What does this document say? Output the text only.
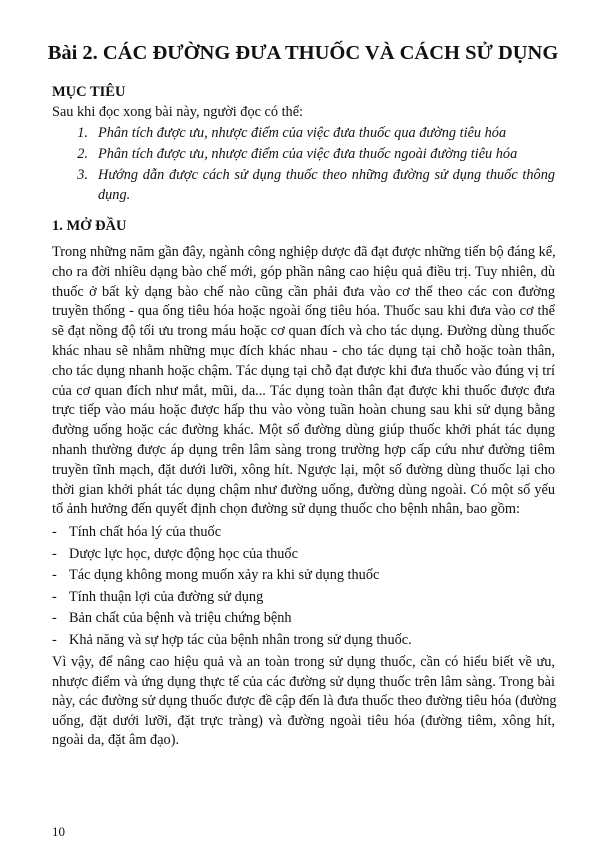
Bài 2. CÁC ĐƯỜNG ĐƯA THUỐC VÀ CÁCH SỬ DỤNG
MỤC TIÊU
Sau khi đọc xong bài này, người đọc có thể:
1. Phân tích được ưu, nhược điểm của việc đưa thuốc qua đường tiêu hóa
2. Phân tích được ưu, nhược điểm của việc đưa thuốc ngoài đường tiêu hóa
3. Hướng dẫn được cách sử dụng thuốc theo những đường sử dụng thuốc thông
dụng.
1. MỞ ĐẦU
Trong những năm gần đây, ngành công nghiệp dược đã đạt được những tiến bộ đáng kể,
cho ra đời nhiều dạng bào chế mới, góp phần nâng cao hiệu quả điều trị. Tuy nhiên, dù
thuốc ở bất kỳ dạng bào chế nào cũng cần phải đưa vào cơ thể theo các con đường
truyền thống - qua ống tiêu hóa hoặc ngoài ống tiêu hóa. Thuốc sau khi đưa vào cơ thể
sẽ đạt nồng độ tối ưu trong máu hoặc cơ quan đích và cho tác dụng. Đường dùng thuốc
khác nhau sẽ nhằm những mục đích khác nhau - cho tác dụng tại chỗ hoặc toàn thân,
cho tác dụng nhanh hoặc chậm. Tác dụng tại chỗ đạt được khi đưa thuốc vào đúng vị trí
của cơ quan đích như mắt, mũi, da... Tác dụng toàn thân đạt được khi thuốc được đưa
trực tiếp vào máu hoặc được hấp thu vào vòng tuần hoàn chung sau khi sử dụng bằng
đường uống hoặc các đường khác. Một số đường dùng giúp thuốc khởi phát tác dụng
nhanh thường được áp dụng trên lâm sàng trong trường hợp cấp cứu như đường tiêm
truyền tĩnh mạch, đặt dưới lưỡi, xông hít. Ngược lại, một số đường dùng thuốc lại cho
thời gian khởi phát tác dụng chậm như đường uống, đường dùng ngoài. Có một số yếu
tố ảnh hưởng đến quyết định chọn đường sử dụng thuốc cho bệnh nhân, bao gồm:
- Tính chất hóa lý của thuốc
- Dược lực học, dược động học của thuốc
- Tác dụng không mong muốn xảy ra khi sử dụng thuốc
- Tính thuận lợi của đường sử dụng
- Bản chất của bệnh và triệu chứng bệnh
- Khả năng và sự hợp tác của bệnh nhân trong sử dụng thuốc.
Vì vậy, để nâng cao hiệu quả và an toàn trong sử dụng thuốc, cần có hiểu biết về ưu,
nhược điểm và ứng dụng thực tế của các đường sử dụng thuốc trên lâm sàng. Trong bài
này, các đường sử dụng thuốc được đề cập đến là đưa thuốc theo đường tiêu hóa (đường
uống, đặt dưới lưỡi, đặt trực tràng) và đường ngoài tiêu hóa (đường tiêm, xông hít,
ngoài da, đặt âm đạo).
10
